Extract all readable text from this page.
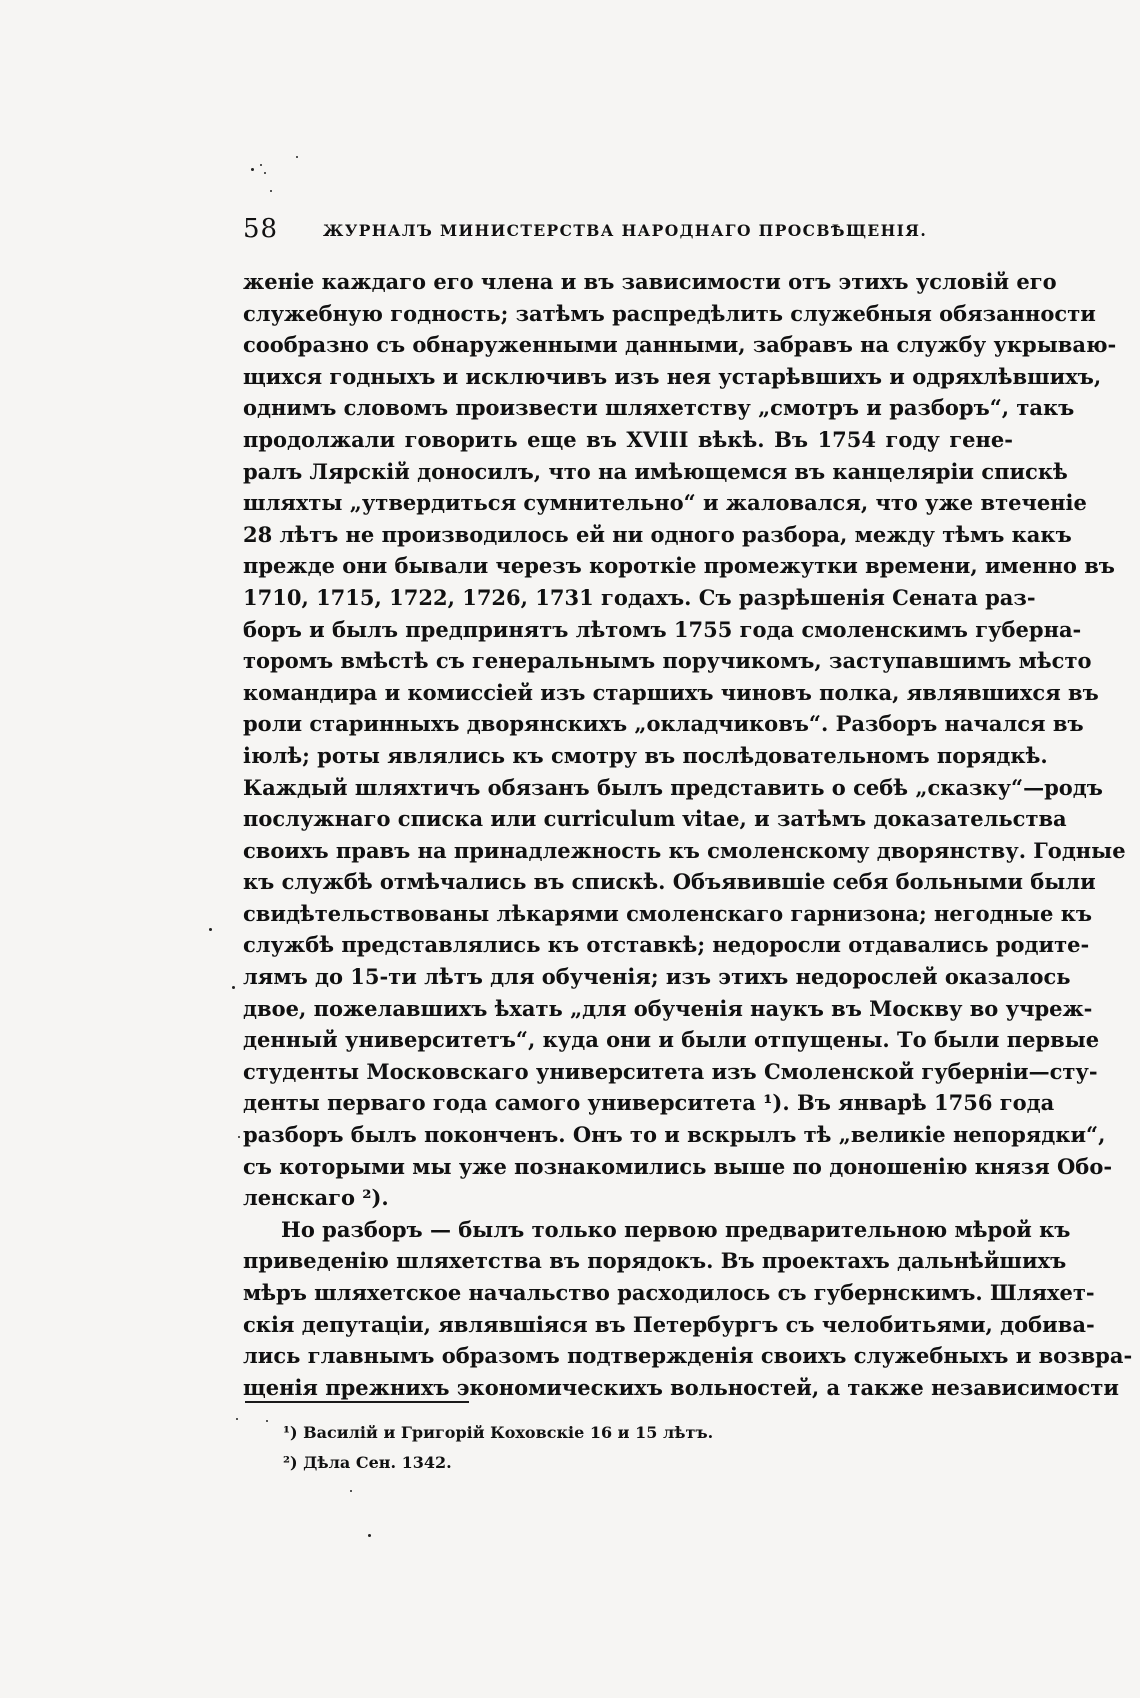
58	ЖУРНАЛЪ МИНИСТЕРСТВА НАРОДНАГО ПРОСВѢЩЕНІЯ.
женіе каждаго его члена и въ зависимости отъ этихъ условій его
служебную годность; затѣмъ распредѣлить служебныя обязанности
сообразно съ обнаруженными данными, забравъ на службу укрываю-
щихся годныхъ и исключивъ изъ нея устарѣвшихъ и одряхлѣвшихъ,
однимъ словомъ произвести шляхетству „смотръ и разборъ“, такъ
продолжали говорить еще въ XVIII вѣкѣ. Въ 1754 году гене-
ралъ Лярскій доносилъ, что на имѣющемся въ канцеляріи спискѣ
шляхты „утвердиться сумнительно“ и жаловался, что уже втеченіе
28 лѣтъ не производилось ей ни одного разбора, между тѣмъ какъ
прежде они бывали черезъ короткіе промежутки времени, именно въ
1710, 1715, 1722, 1726, 1731 годахъ. Съ разрѣшенія Сената раз-
боръ и былъ предпринятъ лѣтомъ 1755 года смоленскимъ губерна-
торомъ вмѣстѣ съ генеральнымъ поручикомъ, заступавшимъ мѣсто
командира и комиссіей изъ старшихъ чиновъ полка, являвшихся въ
роли старинныхъ дворянскихъ „окладчиковъ“. Разборъ начался въ
іюлѣ; роты являлись къ смотру въ послѣдовательномъ порядкѣ.
Каждый шляхтичъ обязанъ былъ представить о себѣ „сказку“—родъ
послужнаго списка или curriculum vitae, и затѣмъ доказательства
своихъ правъ на принадлежность къ смоленскому дворянству. Годные
къ службѣ отмѣчались въ спискѣ. Объявившіе себя больными были
свидѣтельствованы лѣкарями смоленскаго гарнизона; негодные къ
службѣ представлялись къ отставкѣ; недоросли отдавались родите-
лямъ до 15-ти лѣтъ для обученія; изъ этихъ недорослей оказалось
двое, пожелавшихъ ѣхать „для обученія наукъ въ Москву во учреж-
денный университетъ“, куда они и были отпущены. То были первые
студенты Московскаго университета изъ Смоленской губерніи—сту-
денты перваго года самого университета ¹). Въ январѣ 1756 года
разборъ былъ покончeнъ. Онъ то и вскрылъ тѣ „великіе непорядки“,
съ которыми мы уже познакомились выше по доношенію князя Обо-
ленскаго ²).
Но разборъ — былъ только первою предварительною мѣрой къ
приведенію шляхетства въ порядокъ. Въ проектахъ дальнѣйшихъ
мѣръ шляхетское начальство расходилось съ губернскимъ. Шляхет-
скія депутаціи, являвшіяся въ Петербургъ съ челобитьями, добива-
лись главнымъ образомъ подтвержденія своихъ служебныхъ и возвра-
щенія прежнихъ экономическихъ вольностей, а также независимости
¹) Василій и Григорій Коховскіе 16 и 15 лѣтъ.
²) Дѣла Сен. 1342.
